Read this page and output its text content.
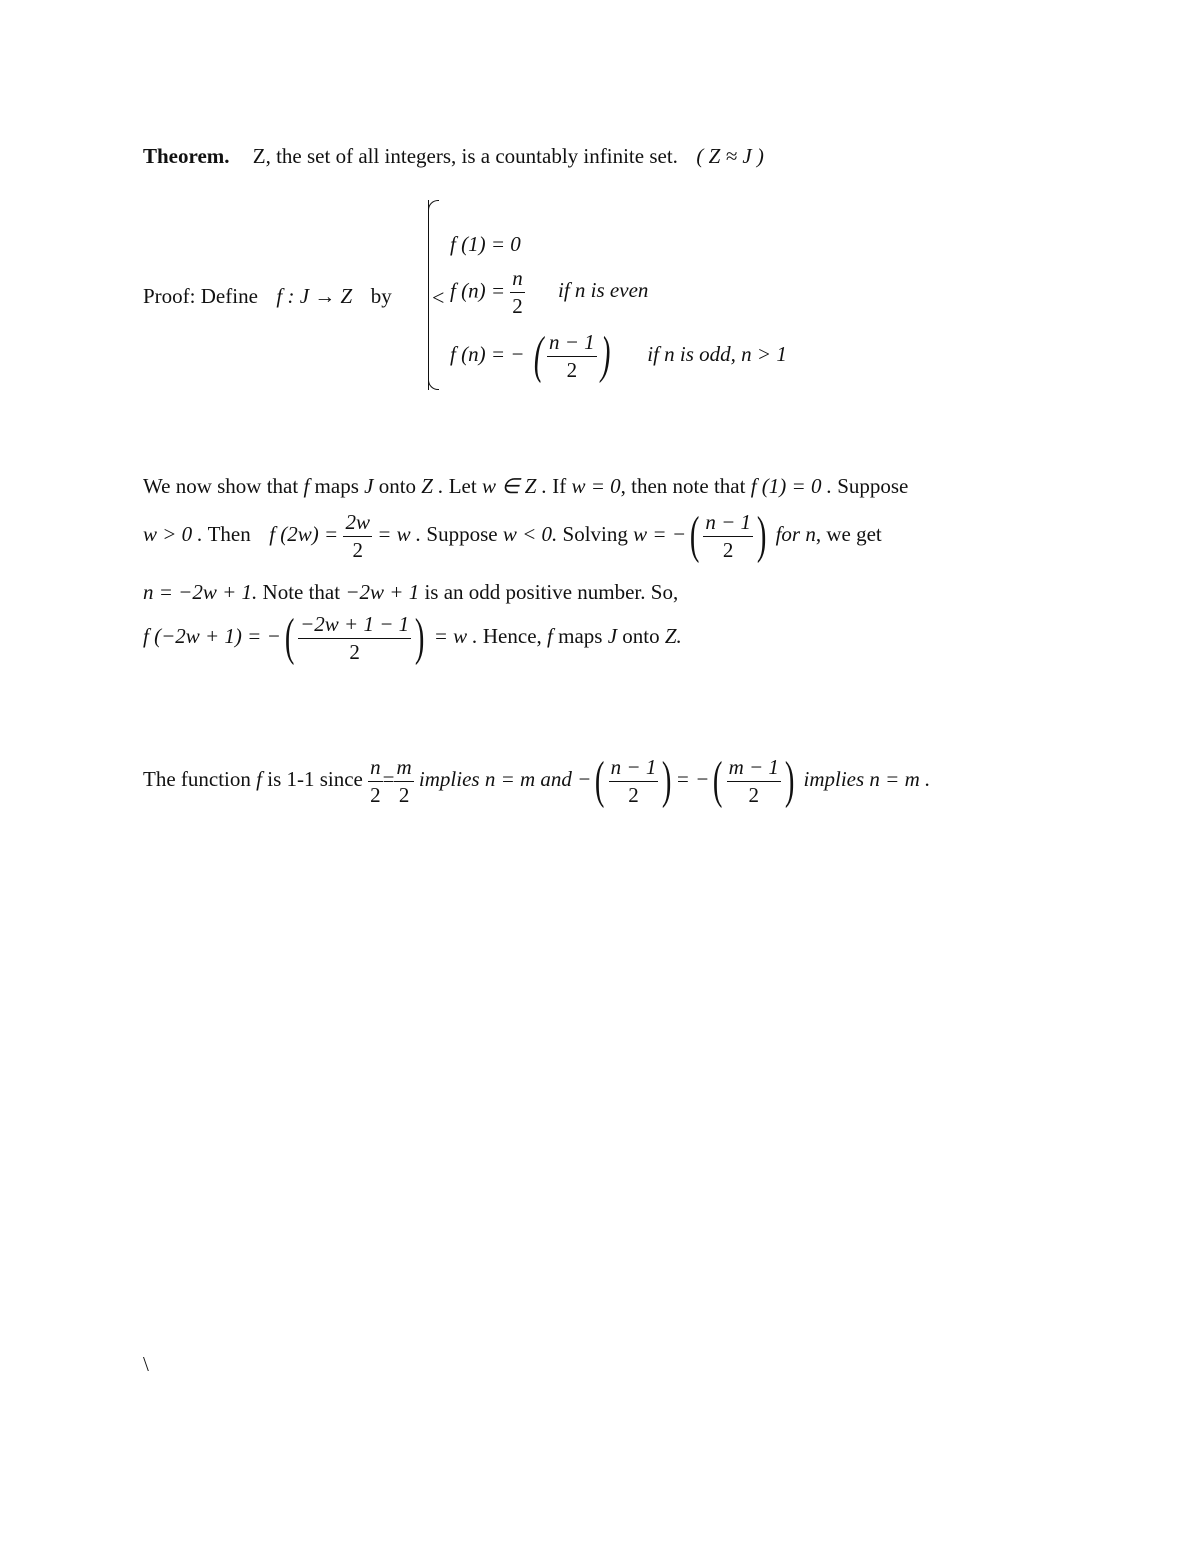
Theorem. Z, the set of all integers, is a countably infinite set. ( Z ≈ J )
Proof: Define f : J → Z by <
f (1) = 0
f $(n) = \frac{n}{2}$ if n is even
f (n) = − ( $\frac{n - 1}{2}$ ) if n is odd, n > 1
We now show that f maps J onto Z . Let w ∈ Z . If w = 0, then note that f (1) = 0 . Suppose
w > 0 . Then f $(2w) = \frac{2w}{2} = w$ . Suppose w < 0. Solving w = −( $\frac{n - 1}{2}$ ) for n, we get
n = −2w + 1. Note that −2w + 1 is an odd positive number. So,
f (−2w + 1) = −( $\frac{-2w + 1 - 1}{2}$ ) = w . Hence, f maps J onto Z.
The function f is 1-1 since $\frac{n}{2} = \frac{m}{2}$ implies n = m and −( $\frac{n - 1}{2}$ ) = −( $\frac{m - 1}{2}$ ) implies n = m .
\
